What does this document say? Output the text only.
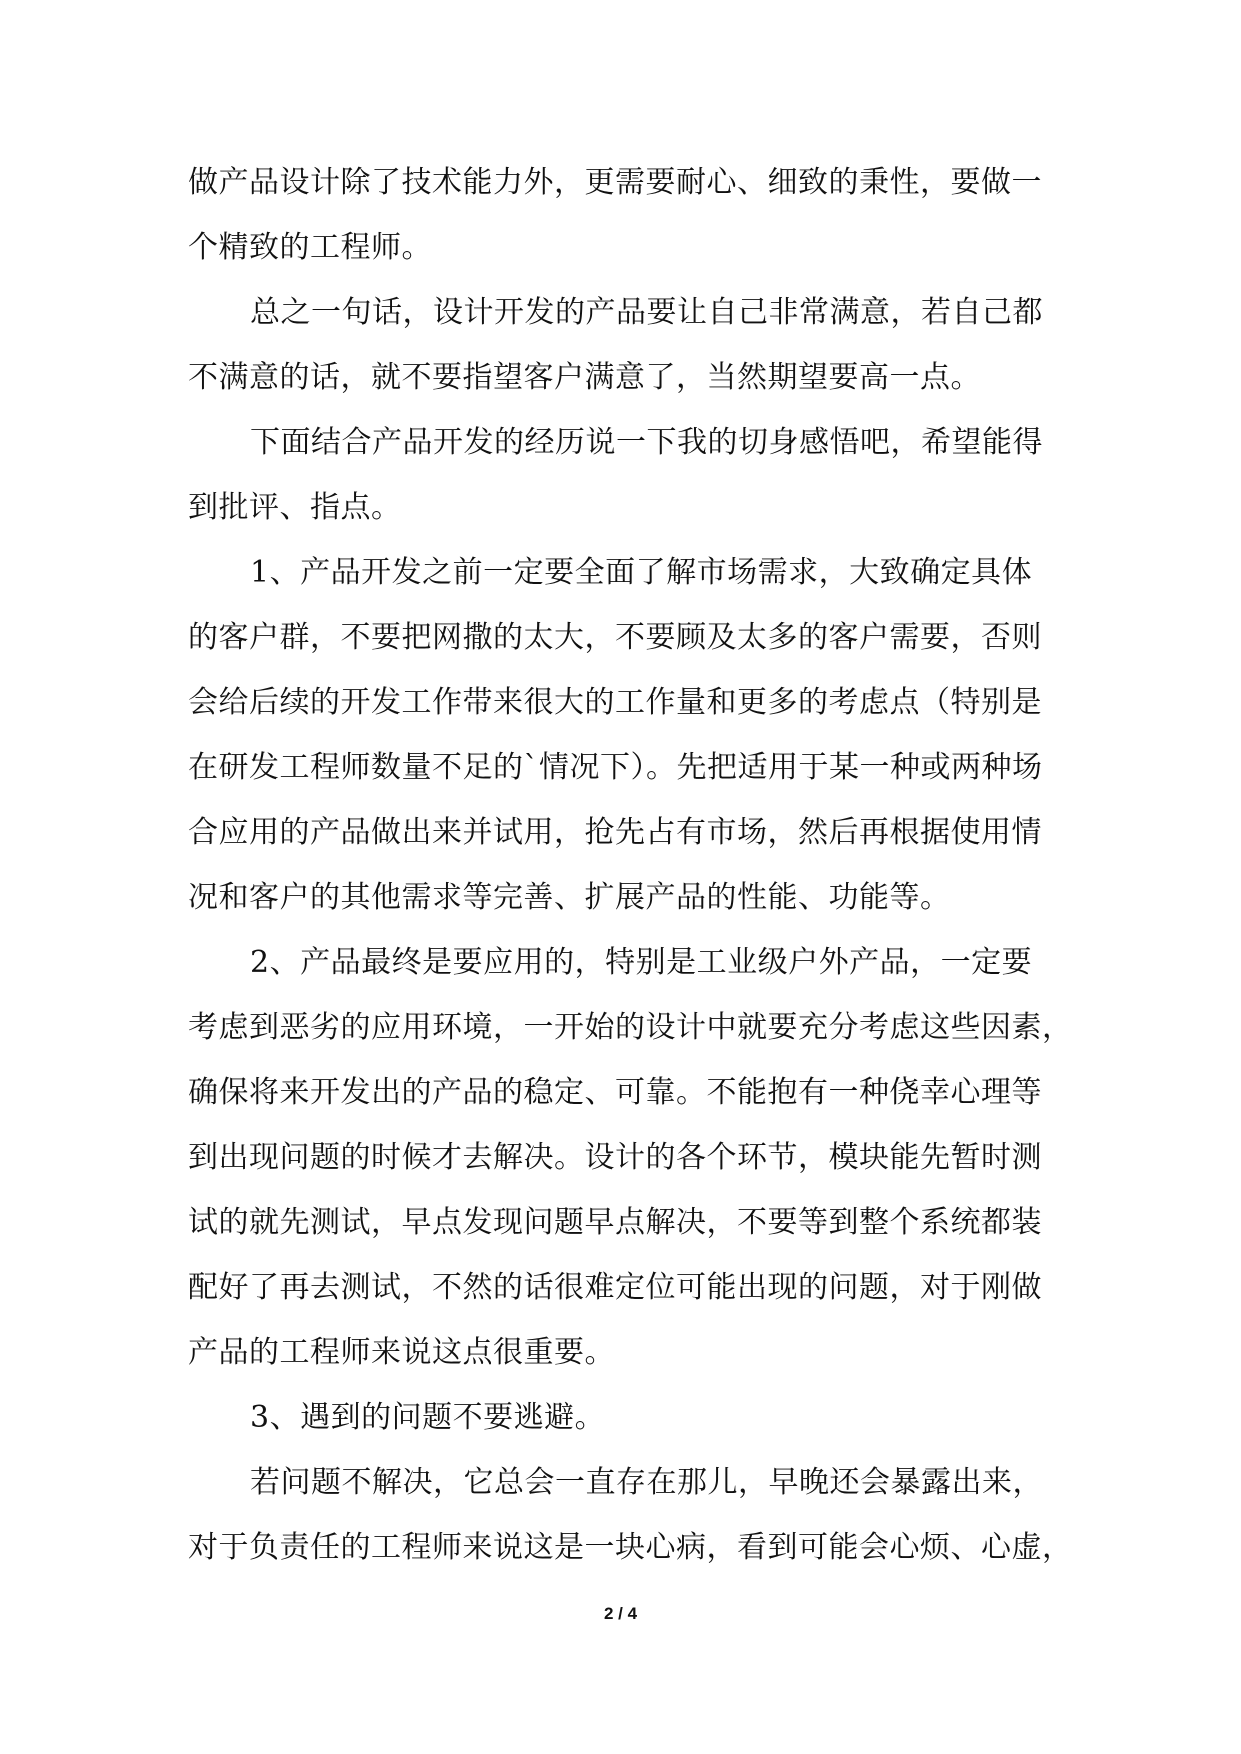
做产品设计除了技术能力外，更需要耐心、细致的秉性，要做一
个精致的工程师。
总之一句话，设计开发的产品要让自己非常满意，若自己都
不满意的话，就不要指望客户满意了，当然期望要高一点。
下面结合产品开发的经历说一下我的切身感悟吧，希望能得
到批评、指点。
1、产品开发之前一定要全面了解市场需求，大致确定具体
的客户群，不要把网撒的太大，不要顾及太多的客户需要，否则
会给后续的开发工作带来很大的工作量和更多的考虑点（特别是
在研发工程师数量不足的`情况下）。先把适用于某一种或两种场
合应用的产品做出来并试用，抢先占有市场，然后再根据使用情
况和客户的其他需求等完善、扩展产品的性能、功能等。
2、产品最终是要应用的，特别是工业级户外产品，一定要
考虑到恶劣的应用环境，一开始的设计中就要充分考虑这些因素，
确保将来开发出的产品的稳定、可靠。不能抱有一种侥幸心理等
到出现问题的时候才去解决。设计的各个环节，模块能先暂时测
试的就先测试，早点发现问题早点解决，不要等到整个系统都装
配好了再去测试，不然的话很难定位可能出现的问题，对于刚做
产品的工程师来说这点很重要。
3、遇到的问题不要逃避。
若问题不解决，它总会一直存在那儿，早晚还会暴露出来，
对于负责任的工程师来说这是一块心病，看到可能会心烦、心虚，
2 / 4
